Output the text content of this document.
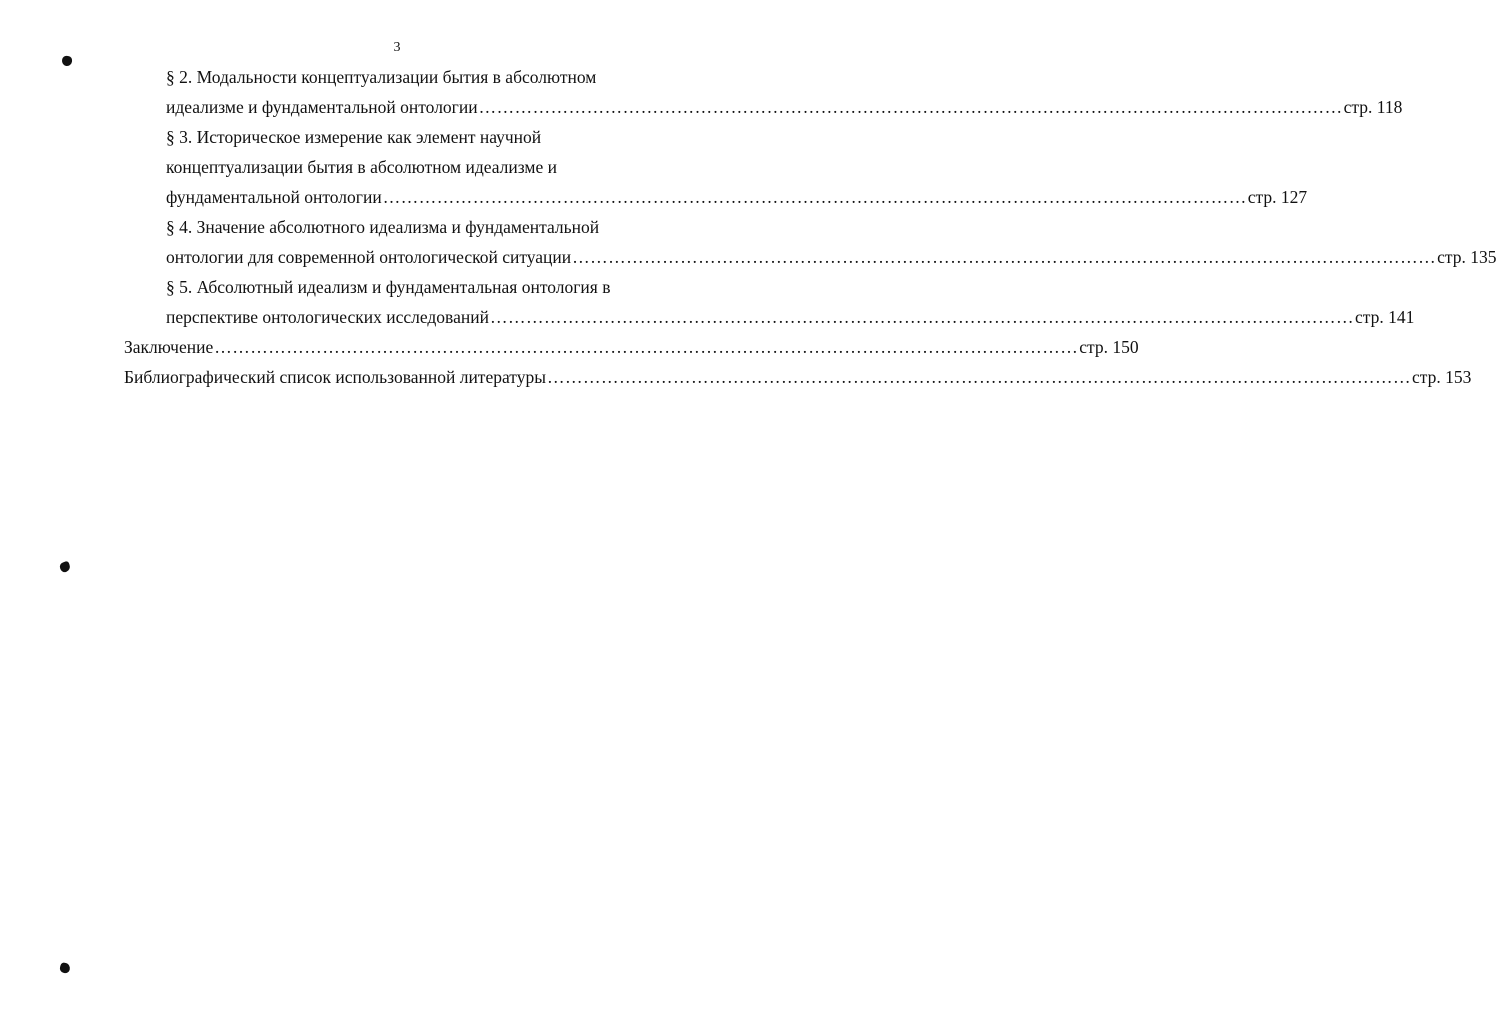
3
§ 2. Модальности концептуализации бытия в абсолютном
идеализме и фундаментальной онтологии ……………………………………………………………………………………………………………………………… стр. 118
§ 3. Историческое измерение как элемент научной
концептуализации бытия в абсолютном идеализме и
фундаментальной онтологии ……………………………………………………………………………………………………………………………… стр. 127
§ 4. Значение абсолютного идеализма и фундаментальной
онтологии для современной онтологической ситуации ……………………………………………………………………………………………………………………………… стр. 135
§ 5. Абсолютный идеализм и фундаментальная онтология в
перспективе онтологических исследований ……………………………………………………………………………………………………………………………… стр. 141
Заключение ……………………………………………………………………………………………………………………………… стр. 150
Библиографический список использованной литературы ……………………………………………………………………………………………………………………………… стр. 153
